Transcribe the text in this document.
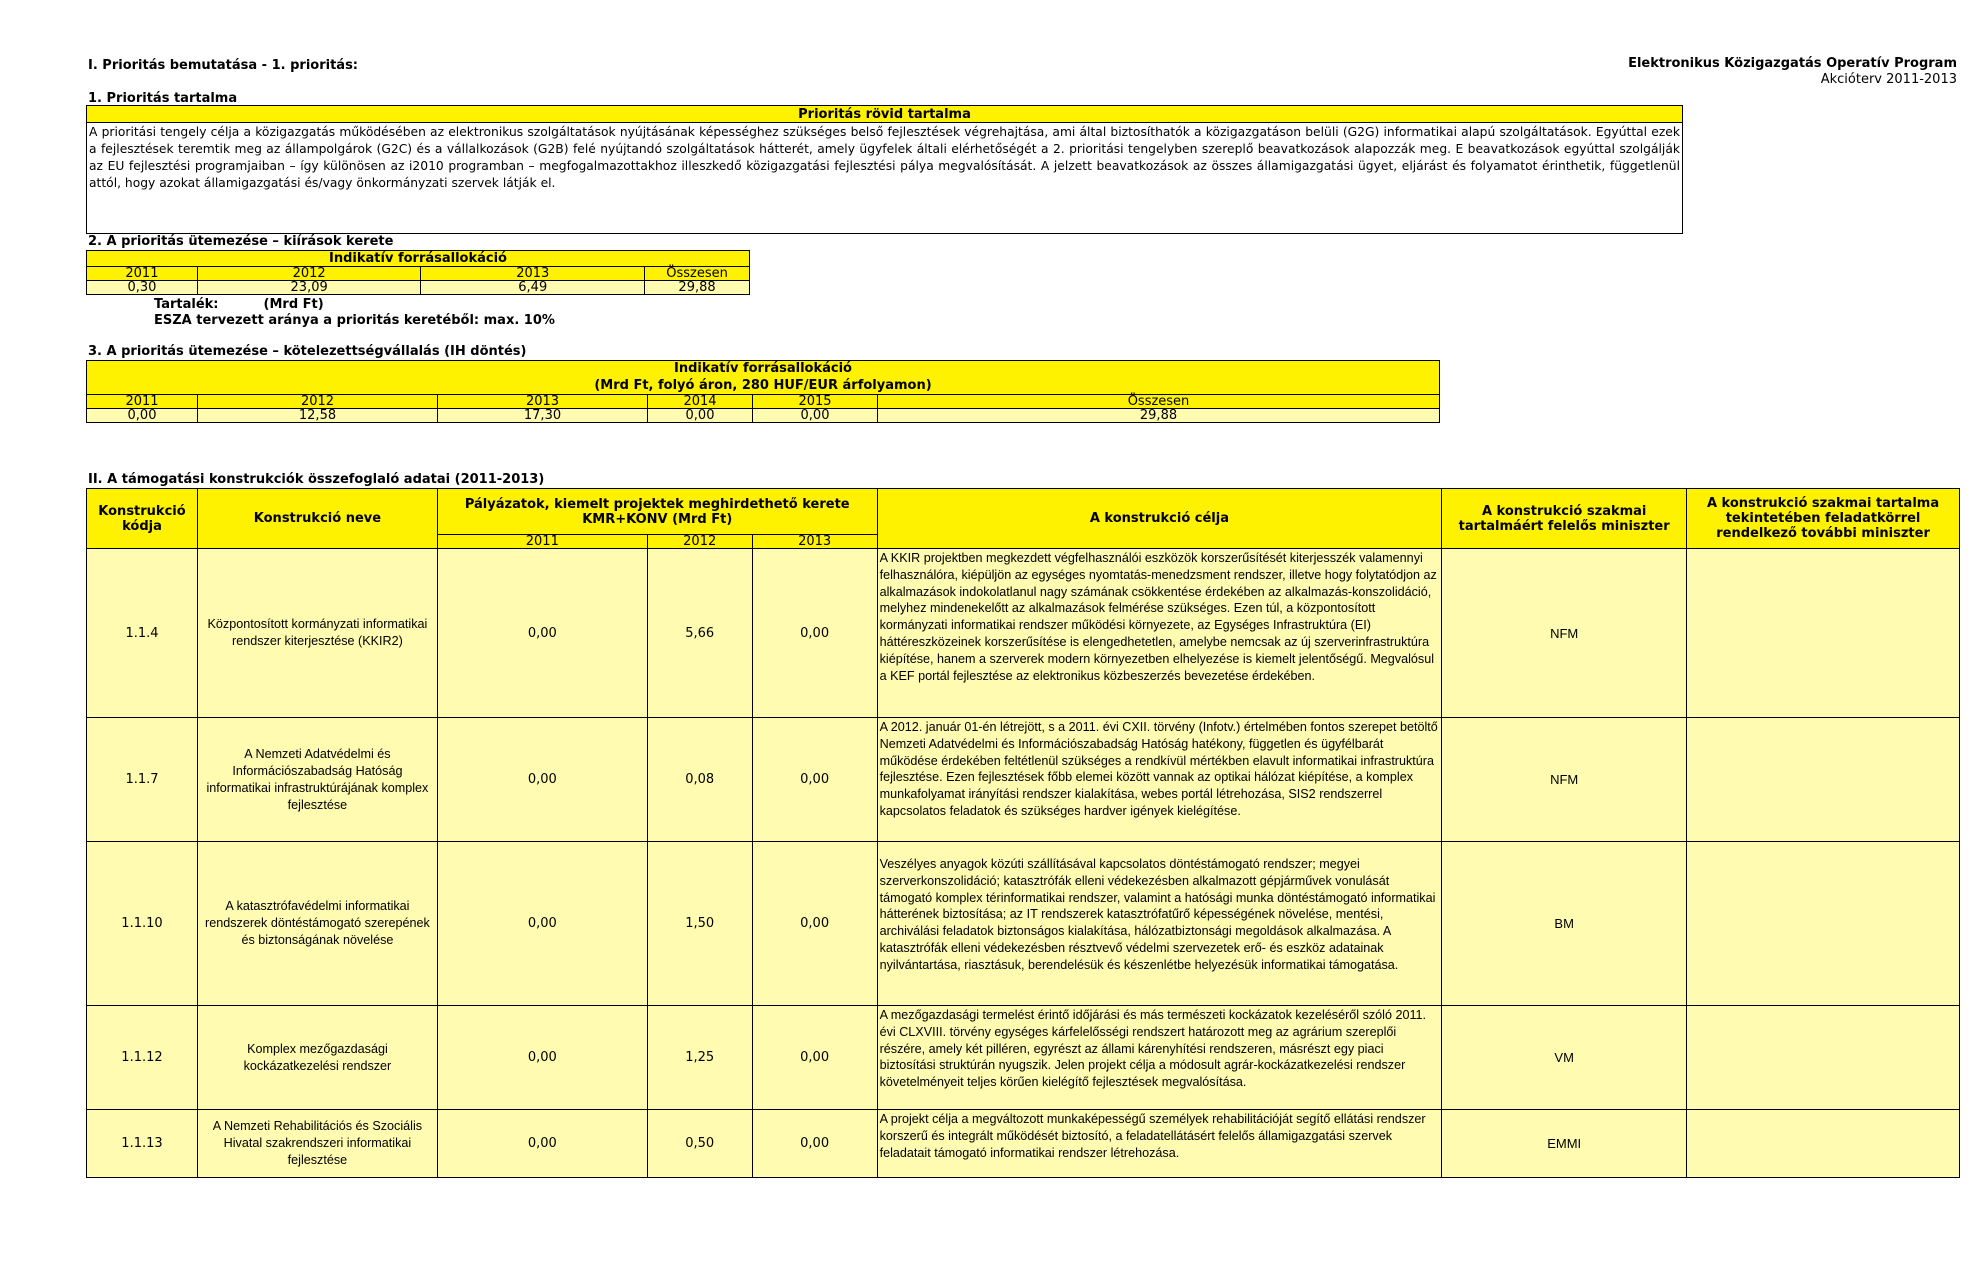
I. Prioritás bemutatása - 1. prioritás:	Elektronikus Közigazgatás Operatív Program
Akcióterv 2011-2013
1. Prioritás tartalma
Prioritás rövid tartalma
A prioritási tengely célja a közigazgatás működésében az elektronikus szolgáltatások nyújtásának képességhez szükséges belső fejlesztések végrehajtása, ami által biztosíthatók a közigazgatáson belüli (G2G) informatikai alapú szolgáltatások. Egyúttal ezek a fejlesztések teremtik meg az állampolgárok (G2C) és a vállalkozások (G2B) felé nyújtandó szolgáltatások hátterét, amely ügyfelek általi elérhetőségét a 2. prioritási tengelyben szereplő beavatkozások alapozzák meg. E beavatkozások egyúttal szolgálják az EU fejlesztési programjaiban – így különösen az i2010 programban – megfogalmazottakhoz illeszkedő közigazgatási fejlesztési pálya megvalósítását. A jelzett beavatkozások az összes államigazgatási ügyet, eljárást és folyamatot érinthetik, függetlenül attól, hogy azokat államigazgatási és/vagy önkormányzati szervek látják el.
2. A prioritás ütemezése – kiírások kerete
Indikatív forrásallokáció			
2011	2012	2013	Összesen
0,30	23,09	6,49	29,88
Tartalék:	(Mrd Ft)
ESZA tervezett aránya a prioritás keretéből: max. 10%
3. A prioritás ütemezése – kötelezettségvállalás (IH döntés)
Indikatív forrásallokáció					
(Mrd Ft, folyó áron, 280 HUF/EUR árfolyamon)					
2011	2012	2013	2014	2015	Összesen
0,00	12,58	17,30	0,00	0,00	29,88
II. A támogatási konstrukciók összefoglaló adatai (2011-2013)
Konstrukció kódja	Konstrukció neve	Pályázatok, kiemelt projektek meghirdethető kerete KMR+KONV (Mrd Ft)			A konstrukció célja	A konstrukció szakmai tartalmáért felelős miniszter	A konstrukció szakmai tartalma tekintetében feladatkörrel rendelkező további miniszter
		2011	2012	2013			
1.1.4	Központosított kormányzati informatikai rendszer kiterjesztése (KKIR2)	0,00	5,66	0,00	A KKIR projektben megkezdett végfelhasználói eszközök korszerűsítését kiterjesszék valamennyi felhasználóra, kiépüljön az egységes nyomtatás-menedzsment rendszer, illetve hogy folytatódjon az alkalmazások indokolatlanul nagy számának csökkentése érdekében az alkalmazás-konszolidáció, melyhez mindenekelőtt az alkalmazások felmérése szükséges. Ezen túl, a központosított kormányzati informatikai rendszer működési környezete, az Egységes Infrastruktúra (EI) háttéreszközeinek korszerűsítése is elengedhetetlen, amelybe nemcsak az új szerverinfrastruktúra kiépítése, hanem a szerverek modern környezetben elhelyezése is kiemelt jelentőségű. Megvalósul a KEF portál fejlesztése az elektronikus közbeszerzés bevezetése érdekében.	NFM	
1.1.7	A Nemzeti Adatvédelmi és Információszabadság Hatóság informatikai infrastruktúrájának komplex fejlesztése	0,00	0,08	0,00	A 2012. január 01-én létrejött, s a 2011. évi CXII. törvény (Infotv.) értelmében fontos szerepet betöltő Nemzeti Adatvédelmi és Információszabadság Hatóság hatékony, független és ügyfélbarát működése érdekében feltétlenül szükséges a rendkívül mértékben elavult informatikai infrastruktúra fejlesztése. Ezen fejlesztések főbb elemei között vannak az optikai hálózat kiépítése, a komplex munkafolyamat irányítási rendszer kialakítása, webes portál létrehozása, SIS2 rendszerrel kapcsolatos feladatok és szükséges hardver igények kielégítése.	NFM	
1.1.10	A katasztrófavédelmi informatikai rendszerek döntéstámogató szerepének és biztonságának növelése	0,00	1,50	0,00	Veszélyes anyagok közúti szállításával kapcsolatos döntéstámogató rendszer; megyei szerverkonszolidáció; katasztrófák elleni védekezésben alkalmazott gépjárművek vonulását támogató komplex térinformatikai rendszer, valamint a hatósági munka döntéstámogató informatikai hátterének biztosítása; az IT rendszerek katasztrófatűrő képességének növelése, mentési, archiválási feladatok biztonságos kialakítása, hálózatbiztonsági megoldások alkalmazása. A katasztrófák elleni védekezésben résztvevő védelmi szervezetek erő- és eszköz adatainak nyilvántartása, riasztásuk, berendelésük és készenlétbe helyezésük informatikai támogatása.	BM	
1.1.12	Komplex mezőgazdasági kockázatkezelési rendszer	0,00	1,25	0,00	A mezőgazdasági termelést érintő időjárási és más természeti kockázatok kezeléséről szóló 2011. évi CLXVIII. törvény egységes kárfelelősségi rendszert határozott meg az agrárium szereplői részére, amely két pilléren, egyrészt az állami kárenyhítési rendszeren, másrészt egy piaci biztosítási struktúrán nyugszik. Jelen projekt célja a módosult agrár-kockázatkezelési rendszer követelményeit teljes körűen kielégítő fejlesztések megvalósítása.	VM	
1.1.13	A Nemzeti Rehabilitációs és Szociális Hivatal szakrendszeri informatikai fejlesztése	0,00	0,50	0,00	A projekt célja a megváltozott munkaképességű személyek rehabilitációját segítő ellátási rendszer korszerű és integrált működését biztosító, a feladatellátásért felelős államigazgatási szervek feladatait támogató informatikai rendszer létrehozása.	EMMI	
